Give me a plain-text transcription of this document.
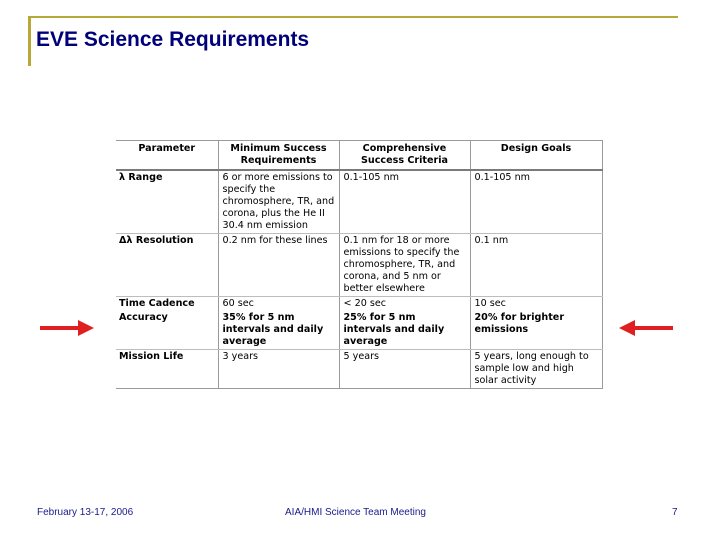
EVE Science Requirements
Parameter	Minimum Success Requirements	Comprehensive Success Criteria	Design Goals
λ Range	6 or more emissions to specify the chromosphere, TR, and corona, plus the He II 30.4 nm emission	0.1-105 nm	0.1-105 nm
Δλ Resolution	0.2 nm for these lines	0.1 nm for 18 or more emissions to specify the chromosphere, TR, and corona, and 5 nm or better elsewhere	0.1 nm
Time Cadence	60 sec	< 20 sec	10 sec
Accuracy	35% for 5 nm intervals and daily average	25% for 5 nm intervals and daily average	20% for brighter emissions
Mission Life	3 years	5 years	5 years, long enough to sample low and high solar activity
February 13-17, 2006	AIA/HMI Science Team Meeting	7
